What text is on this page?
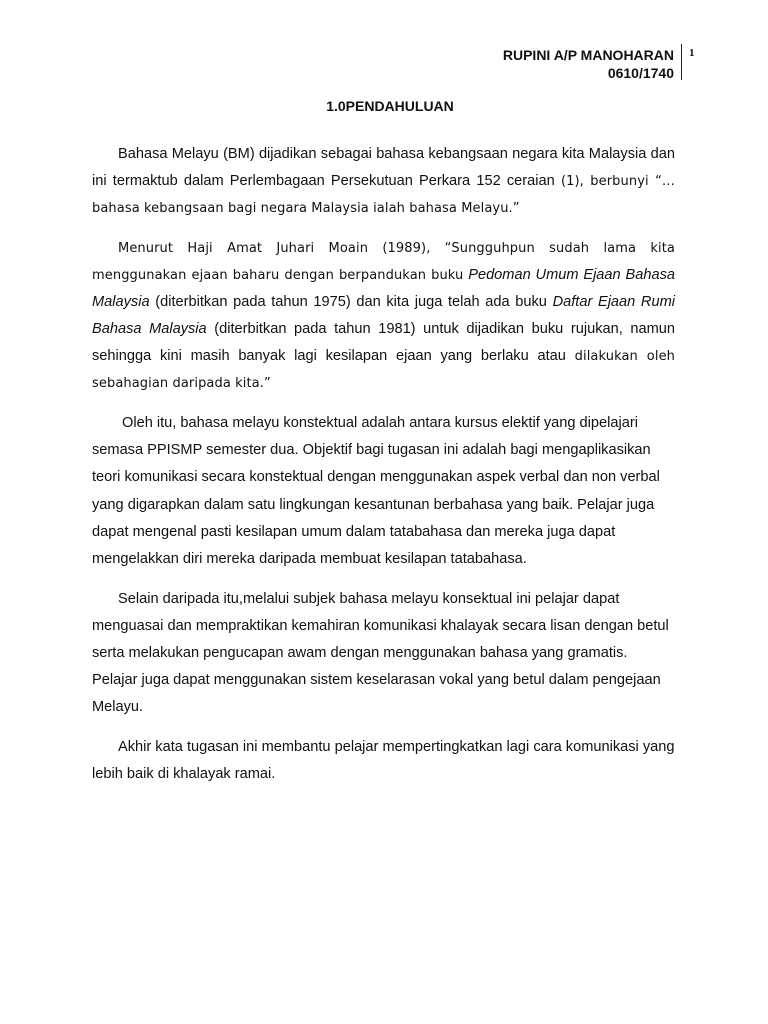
RUPINI A/P MANOHARAN
0610/1740
1
1.0PENDAHULUAN

Bahasa Melayu (BM) dijadikan sebagai bahasa kebangsaan negara kita Malaysia dan ini termaktub dalam Perlembagaan Persekutuan Perkara 152 ceraian (1), berbunyi “…bahasa kebangsaan bagi negara Malaysia ialah bahasa Melayu.”

Menurut Haji Amat Juhari Moain (1989), “Sungguhpun sudah lama kita menggunakan ejaan baharu dengan berpandukan buku Pedoman Umum Ejaan Bahasa Malaysia (diterbitkan pada tahun 1975) dan kita juga telah ada buku Daftar Ejaan Rumi Bahasa Malaysia (diterbitkan pada tahun 1981) untuk dijadikan buku rujukan, namun sehingga kini masih banyak lagi kesilapan ejaan yang berlaku atau dilakukan oleh sebahagian daripada kita.”

Oleh itu, bahasa melayu konstektual adalah antara kursus elektif yang dipelajari semasa PPISMP semester dua. Objektif bagi tugasan ini adalah bagi mengaplikasikan teori komunikasi secara konstektual dengan menggunakan aspek verbal dan non verbal yang digarapkan dalam satu lingkungan kesantunan berbahasa yang baik. Pelajar juga dapat mengenal pasti kesilapan umum dalam tatabahasa dan mereka juga dapat mengelakkan diri mereka daripada membuat kesilapan tatabahasa.

Selain daripada itu,melalui subjek bahasa melayu konsektual ini pelajar dapat menguasai dan mempraktikan kemahiran komunikasi khalayak secara lisan dengan betul serta melakukan pengucapan awam dengan menggunakan bahasa yang gramatis. Pelajar juga dapat menggunakan sistem keselarasan vokal yang betul dalam pengejaan Melayu.

Akhir kata tugasan ini membantu pelajar mempertingkatkan lagi cara komunikasi yang lebih baik di khalayak ramai.
